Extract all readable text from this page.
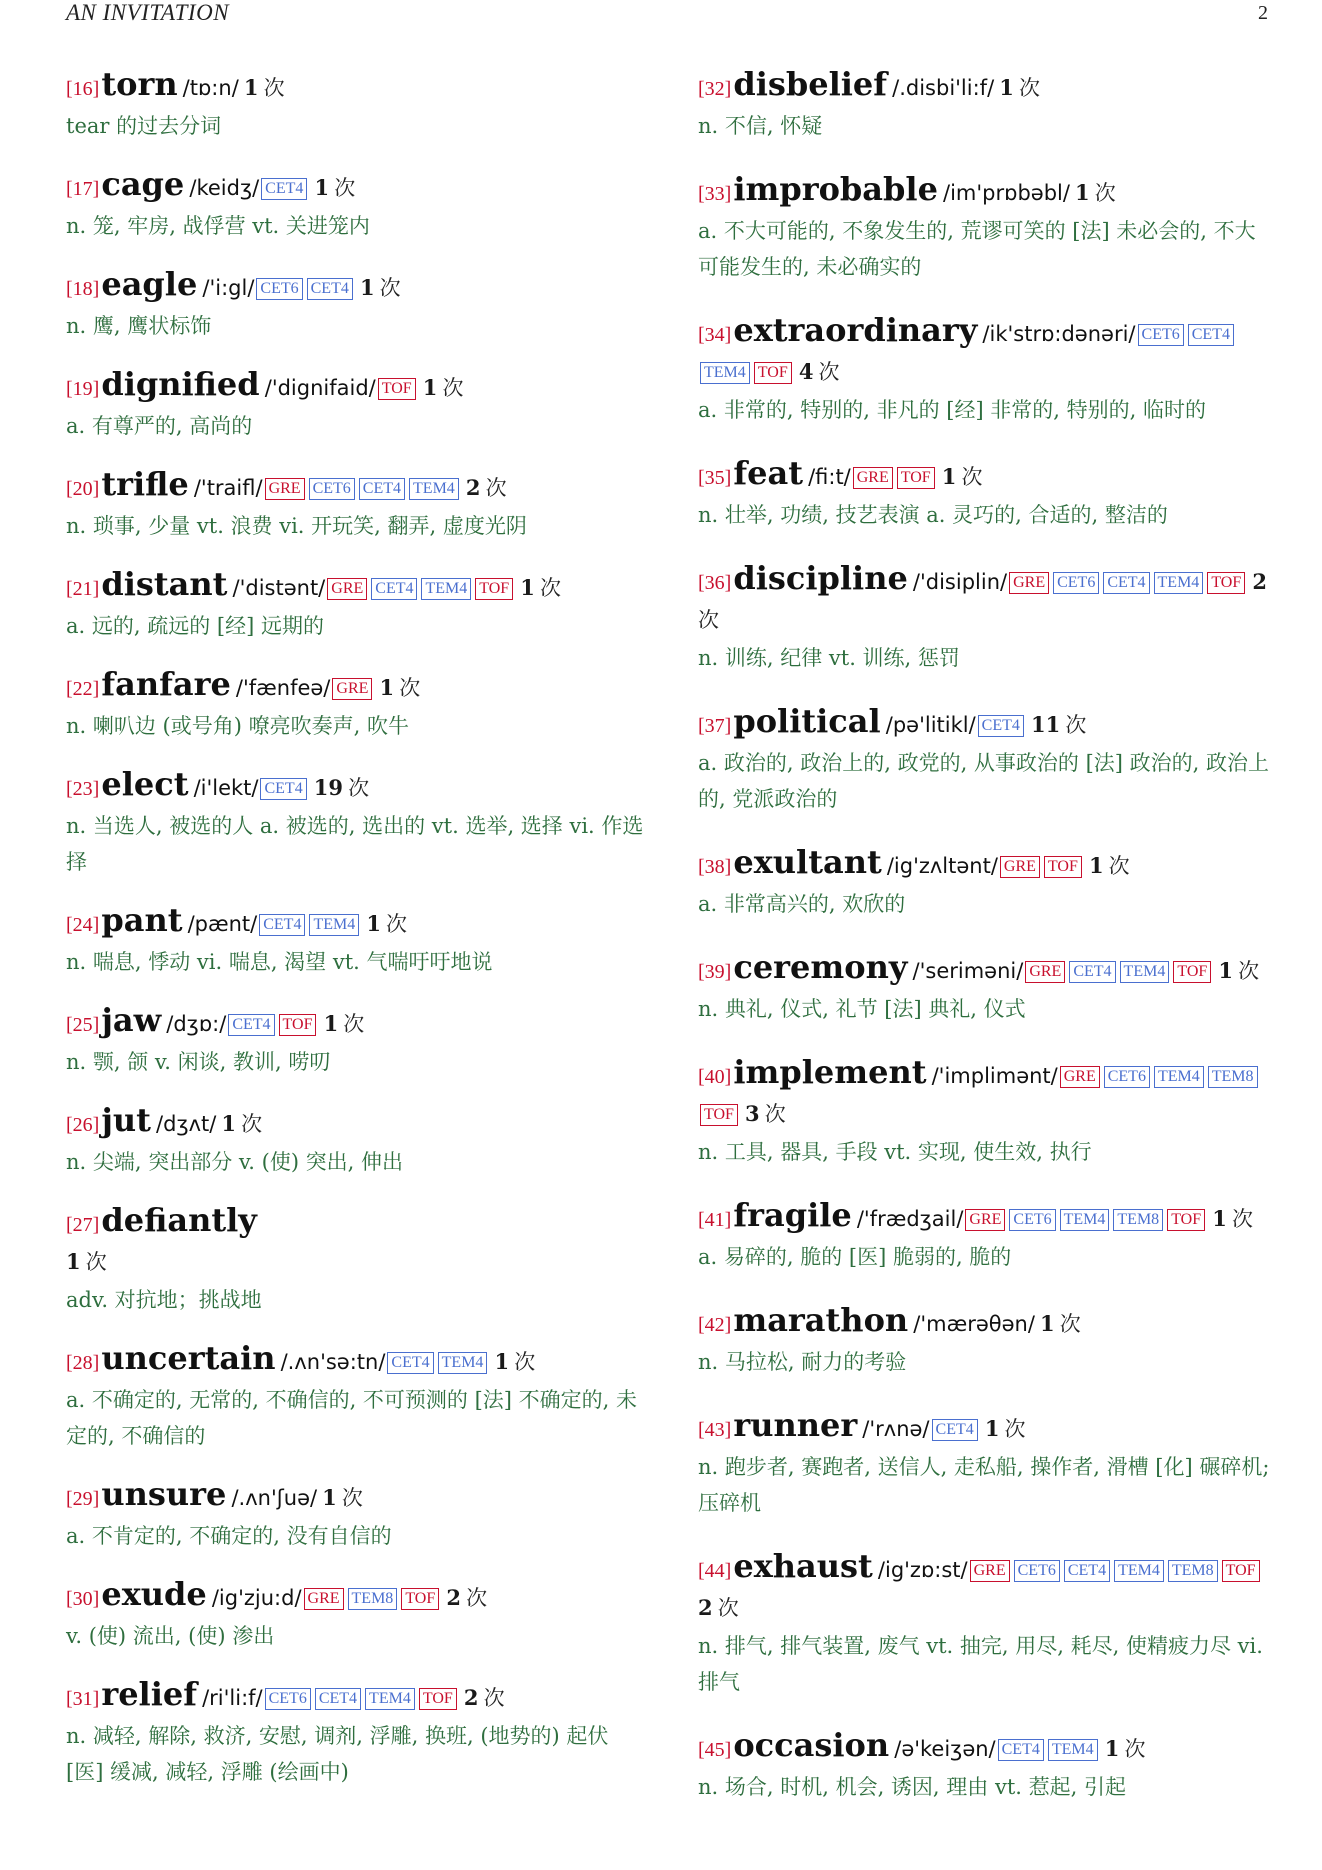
AN INVITATION	2
[16]torn /tɒ:n/ 1 次
tear 的过去分词
[17]cage /keidʒ/ CET4 1 次
n. 笼, 牢房, 战俘营 vt. 关进笼内
[18]eagle /'i:gl/ CET6 CET4 1 次
n. 鹰, 鹰状标饰
[19]dignified /'dignifaid/ TOF 1 次
a. 有尊严的, 高尚的
[20]trifle /'traifl/ GRE CET6 CET4 TEM4 2 次
n. 琐事, 少量 vt. 浪费 vi. 开玩笑, 翻弄, 虚度光阴
[21]distant /'distənt/ GRE CET4 TEM4 TOF 1 次
a. 远的, 疏远的 [经] 远期的
[22]fanfare /'fænfeə/ GRE 1 次
n. 喇叭边 (或号角) 嘹亮吹奏声, 吹牛
[23]elect /i'lekt/ CET4 19 次
n. 当选人, 被选的人 a. 被选的, 选出的 vt. 选举, 选择 vi. 作选择
[24]pant /pænt/ CET4 TEM4 1 次
n. 喘息, 悸动 vi. 喘息, 渴望 vt. 气喘吁吁地说
[25]jaw /dʒɒ:/ CET4 TOF 1 次
n. 颚, 颌 v. 闲谈, 教训, 唠叨
[26]jut /dʒʌt/ 1 次
n. 尖端, 突出部分 v. (使) 突出, 伸出
[27]defiantly
1 次
adv. 对抗地；挑战地
[28]uncertain /.ʌn'sə:tn/ CET4 TEM4 1 次
a. 不确定的, 无常的, 不确信的, 不可预测的 [法] 不确定的, 未定的, 不确信的
[29]unsure /.ʌn'ʃuə/ 1 次
a. 不肯定的, 不确定的, 没有自信的
[30]exude /ig'zju:d/ GRE TEM8 TOF 2 次
v. (使) 流出, (使) 渗出
[31]relief /ri'li:f/ CET6 CET4 TEM4 TOF 2 次
n. 减轻, 解除, 救济, 安慰, 调剂, 浮雕, 换班, (地势的) 起伏 [医] 缓减, 减轻, 浮雕 (绘画中)
[32]disbelief /.disbi'li:f/ 1 次
n. 不信, 怀疑
[33]improbable /im'prɒbəbl/ 1 次
a. 不大可能的, 不象发生的, 荒谬可笑的 [法] 未必会的, 不大可能发生的, 未必确实的
[34]extraordinary /ik'strɒ:dənəri/ CET6 CET4TEM4 TOF 4 次
a. 非常的, 特别的, 非凡的 [经] 非常的, 特别的, 临时的
[35]feat /fi:t/ GRE TOF 1 次
n. 壮举, 功绩, 技艺表演 a. 灵巧的, 合适的, 整洁的
[36]discipline /'disiplin/ GRE CET6 CET4 TEM4 TOF 2 次
n. 训练, 纪律 vt. 训练, 惩罚
[37]political /pə'litikl/ CET4 11 次
a. 政治的, 政治上的, 政党的, 从事政治的 [法] 政治的, 政治上的, 党派政治的
[38]exultant /ig'zʌltənt/ GRE TOF 1 次
a. 非常高兴的, 欢欣的
[39]ceremony /'seriməni/ GRE CET4 TEM4 TOF 1 次
n. 典礼, 仪式, 礼节 [法] 典礼, 仪式
[40]implement /'implimənt/ GRE CET6 TEM4 TEM8TOF 3 次
n. 工具, 器具, 手段 vt. 实现, 使生效, 执行
[41]fragile /'frædʒail/ GRE CET6 TEM4 TEM8 TOF 1 次
a. 易碎的, 脆的 [医] 脆弱的, 脆的
[42]marathon /'mærəθən/ 1 次
n. 马拉松, 耐力的考验
[43]runner /'rʌnə/ CET4 1 次
n. 跑步者, 赛跑者, 送信人, 走私船, 操作者, 滑槽 [化] 碾碎机; 压碎机
[44]exhaust /ig'zɒ:st/ GRE CET6 CET4 TEM4 TEM8 TOF 2 次
n. 排气, 排气装置, 废气 vt. 抽完, 用尽, 耗尽, 使精疲力尽 vi. 排气
[45]occasion /ə'keiʒən/ CET4 TEM4 1 次
n. 场合, 时机, 机会, 诱因, 理由 vt. 惹起, 引起
